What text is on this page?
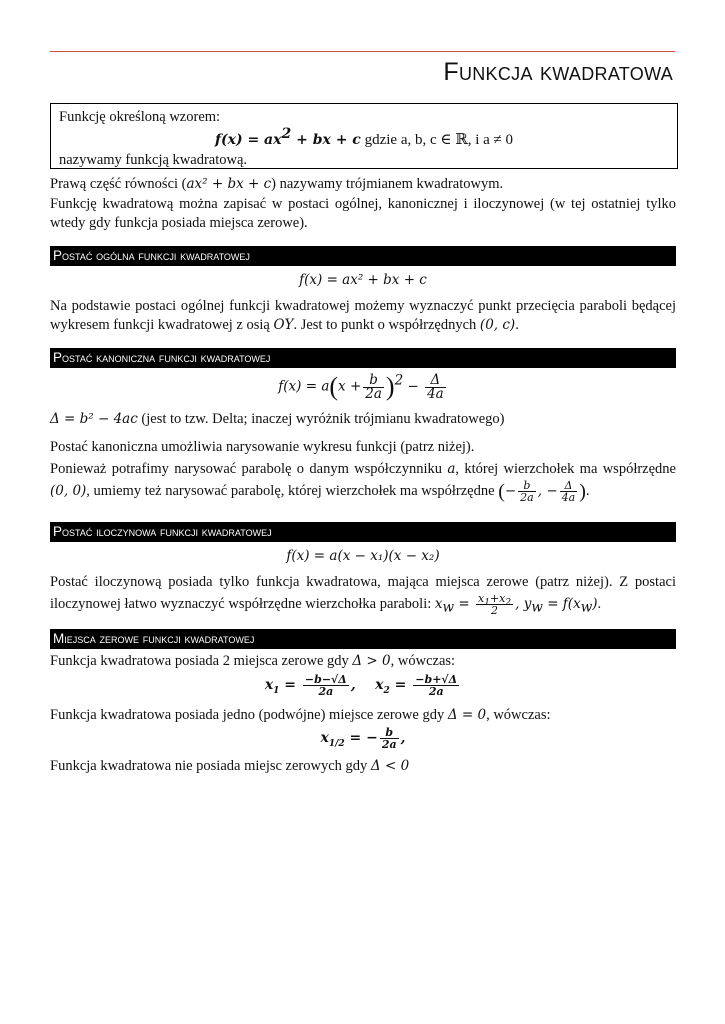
Funkcja kwadratowa
Funkcję określoną wzorem:
$f(x) = ax^2$ + bx + c gdzie a, b, c ∈ ℝ, i a ≠ 0
nazywamy funkcją kwadratową.
Prawą część równości (ax² + bx + c) nazywamy trójmianem kwadratowym.
Funkcję kwadratową można zapisać w postaci ogólnej, kanonicznej i iloczynowej (w tej ostatniej tylko wtedy gdy funkcja posiada miejsca zerowe).
Postać ogólna funkcji kwadratowej
f(x) = ax² + bx + c
Na podstawie postaci ogólnej funkcji kwadratowej możemy wyznaczyć punkt przecięcia paraboli będącej wykresem funkcji kwadratowej z osią OY. Jest to punkt o współrzędnych (0, c).
Postać kanoniczna funkcji kwadratowej
$f(x) = a(x + \frac{b}{2a} )^2 - \frac{\Delta}{4a}$
Δ = b² − 4ac (jest to tzw. Delta; inaczej wyróżnik trójmianu kwadratowego)
Postać kanoniczna umożliwia narysowanie wykresu funkcji (patrz niżej).
Ponieważ potrafimy narysować parabolę o danym współczynniku a, której wierzchołek ma współrzędne (0, 0), umiemy też narysować parabolę, której wierzchołek ma współrzędne (− $\frac{b}{2a}$ , − $\frac{\Delta}{4a}$ ).
Postać iloczynowa funkcji kwadratowej
f(x) = a(x − x₁)(x − x₂)
Postać iloczynową posiada tylko funkcja kwadratowa, mająca miejsca zerowe (patrz niżej). Z postaci iloczynowej łatwo wyznaczyć współrzędne wierzchołka paraboli: $x_w = \frac{x_1+x_2}{2}$ , $y_w = f(x_w)$.
Miejsca zerowe funkcji kwadratowej
Funkcja kwadratowa posiada 2 miejsca zerowe gdy Δ > 0, wówczas:
$x_1 = \frac{-b-√\Delta}{2a}$ ,    $x_2 = \frac{-b+√\Delta}{2a}$
Funkcja kwadratowa posiada jedno (podwójne) miejsce zerowe gdy Δ = 0, wówczas:
$x_{1/2}$ = − $\frac{b}{2a}$ ,
Funkcja kwadratowa nie posiada miejsc zerowych gdy Δ < 0
